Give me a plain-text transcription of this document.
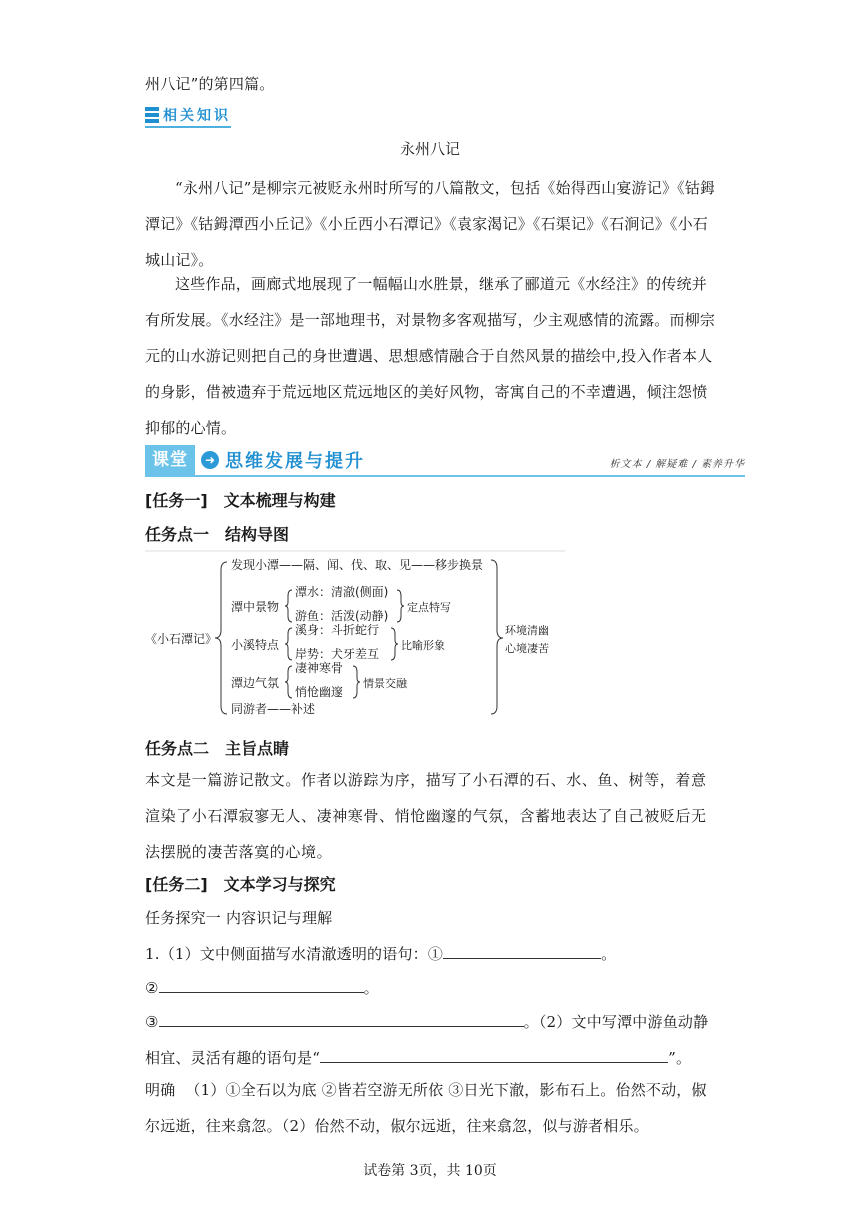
州八记”的第四篇。
相关知识
永州八记
“永州八记”是柳宗元被贬永州时所写的八篇散文，包括《始得西山宴游记》《钴鉧潭记》《钴鉧潭西小丘记》《小丘西小石潭记》《袁家渴记》《石渠记》《石涧记》《小石城山记》。
这些作品，画廊式地展现了一幅幅山水胜景，继承了郦道元《水经注》的传统并有所发展。《水经注》是一部地理书，对景物多客观描写，少主观感情的流露。而柳宗元的山水游记则把自己的身世遭遇、思想感情融合于自然风景的描绘中,投入作者本人的身影，借被遗弃于荒远地区荒远地区的美好风物，寄寓自己的不幸遭遇，倾注怨愤抑郁的心情。
课堂	➜ 思维发展与提升	析文本 / 解疑难 / 素养升华
[任务一]　文本梳理与构建
任务点一　结构导图
《小石潭记》
发现小潭——隔、闻、伐、取、见——移步换景
潭中景物
潭水：清澈(侧面)
游鱼：活泼(动静)
定点特写
小溪特点
溪身：斗折蛇行
岸势：犬牙差互
比喻形象
潭边气氛
凄神寒骨
悄怆幽邃
情景交融
同游者——补述
环境清幽
心境凄苦
任务点二　主旨点睛
本文是一篇游记散文。作者以游踪为序，描写了小石潭的石、水、鱼、树等，着意渲染了小石潭寂寥无人、凄神寒骨、悄怆幽邃的气氛，含蓄地表达了自己被贬后无法摆脱的凄苦落寞的心境。
[任务二]　文本学习与探究
任务探究一 内容识记与理解
1.（1）文中侧面描写水清澈透明的语句：①	。
②	。
③	。（2）文中写潭中游鱼动静相宜、灵活有趣的语句是“	”。
明确 （1）①全石以为底 ②皆若空游无所依 ③日光下澈，影布石上。佁然不动，俶尔远逝，往来翕忽。（2）佁然不动，俶尔远逝，往来翕忽，似与游者相乐。
试卷第 3页，共 10页
